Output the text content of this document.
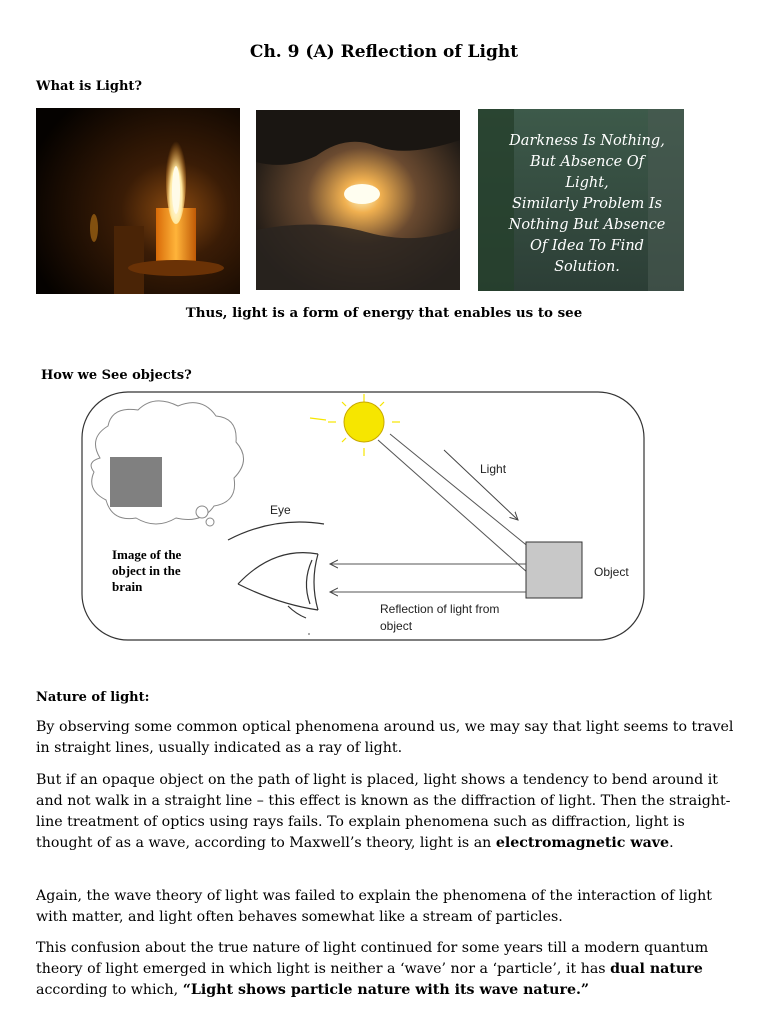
Ch. 9 (A) Reflection of Light
What is Light?
Darkness Is Nothing,
But Absence Of
Light,
Similarly Problem Is
Nothing But Absence
Of Idea To Find
Solution.
Thus, light is a form of energy that enables us to see
How we See objects?
Image of the
object in the
brain
Light
Object
Reflection of light from
object
Eye
Nature of light:
By observing some common optical phenomena around us, we may say that light seems to travel in straight lines, usually indicated as a ray of light.
But if an opaque object on the path of light is placed, light shows a tendency to bend around it and not walk in a straight line – this effect is known as the diffraction of light. Then the straight-line treatment of optics using rays fails. To explain phenomena such as diffraction, light is thought of as a wave, according to Maxwell’s theory, light is an electromagnetic wave.
Again, the wave theory of light was failed to explain the phenomena of the interaction of light with matter, and light often behaves somewhat like a stream of particles.
This confusion about the true nature of light continued for some years till a modern quantum theory of light emerged in which light is neither a ‘wave’ nor a ‘particle’, it has dual nature according to which, “Light shows particle nature with its wave nature.”
